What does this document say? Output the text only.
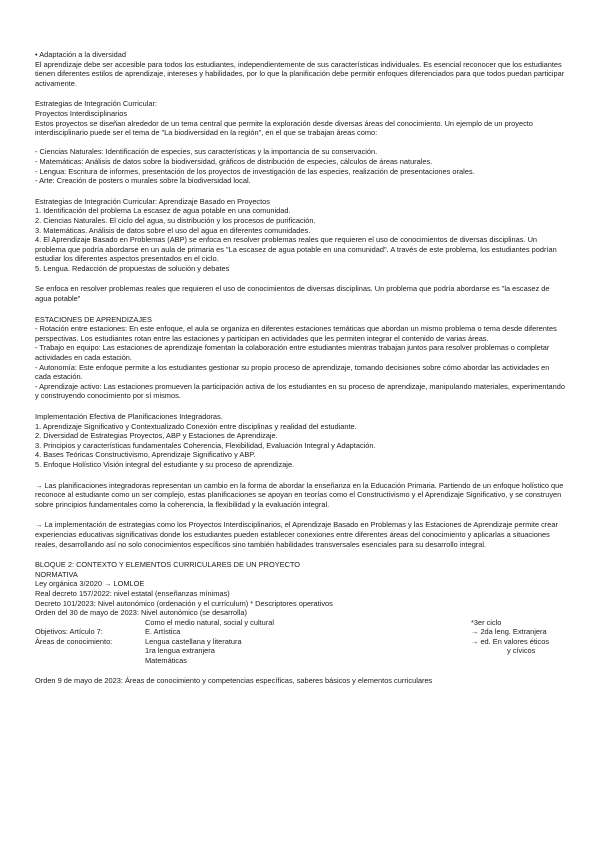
• Adaptación a la diversidad

El aprendizaje debe ser accesible para todos los estudiantes, independientemente de sus características individuales. Es esencial reconocer que los estudiantes tienen diferentes estilos de aprendizaje, intereses y habilidades, por lo que la planificación debe permitir enfoques diferenciados para que todos puedan participar activamente.

Estrategias de Integración Curricular:

Proyectos Interdisciplinarios

Estos proyectos se diseñan alrededor de un tema central que permite la exploración desde diversas áreas del conocimiento. Un ejemplo de un proyecto interdisciplinario puede ser el tema de "La biodiversidad en la región", en el que se trabajan áreas como:

- Ciencias Naturales: Identificación de especies, sus características y la importancia de su conservación.

- Matemáticas: Análisis de datos sobre la biodiversidad, gráficos de distribución de especies, cálculos de áreas naturales.

- Lengua: Escritura de informes, presentación de los proyectos de investigación de las especies, realización de presentaciones orales.

- Arte: Creación de posters o murales sobre la biodiversidad local.

Estrategias de Integración Curricular: Aprendizaje Basado en Proyectos

1. Identificación del problema La escasez de agua potable en una comunidad.

2. Ciencias Naturales. El ciclo del agua, su distribución y los procesos de purificación.

3. Matemáticas. Análisis de datos sobre el uso del agua en diferentes comunidades.

4. El Aprendizaje Basado en Problemas (ABP) se enfoca en resolver problemas reales que requieren el uso de conocimientos de diversas disciplinas. Un problema que podría abordarse en un aula de primaria es "La escasez de agua potable en una comunidad". A través de este problema, los estudiantes podrían estudiar los diferentes aspectos presentados en el ciclo.

5. Lengua. Redacción de propuestas de solución y debates

Se enfoca en resolver problemas reales que requieren el uso de conocimientos de diversas disciplinas. Un problema que podría abordarse es "la escasez de agua potable"

ESTACIONES DE APRENDIZAJES

- Rotación entre estaciones: En este enfoque, el aula se organiza en diferentes estaciones temáticas que abordan un mismo problema o tema desde diferentes perspectivas. Los estudiantes rotan entre las estaciones y participan en actividades que les permiten integrar el contenido de varias áreas.

- Trabajo en equipo: Las estaciones de aprendizaje fomentan la colaboración entre estudiantes mientras trabajan juntos para resolver problemas o completar actividades en cada estación.

- Autonomía: Este enfoque permite a los estudiantes gestionar su propio proceso de aprendizaje, tomando decisiones sobre cómo abordar las actividades en cada estación.

- Aprendizaje activo: Las estaciones promueven la participación activa de los estudiantes en su proceso de aprendizaje, manipulando materiales, experimentando y construyendo conocimiento por sí mismos.

Implementación Efectiva de Planificaciones Integradoras.

1. Aprendizaje Significativo y Contextualizado Conexión entre disciplinas y realidad del estudiante.

2. Diversidad de Estrategias Proyectos, ABP y Estaciones de Aprendizaje.

3. Principios y características fundamentales Coherencia, Flexibilidad, Evaluación Integral y Adaptación.

4. Bases Teóricas Constructivismo, Aprendizaje Significativo y ABP.

5. Enfoque Holístico Visión integral del estudiante y su proceso de aprendizaje.

→ Las planificaciones integradoras representan un cambio en la forma de abordar la enseñanza en la Educación Primaria. Partiendo de un enfoque holístico que reconoce al estudiante como un ser complejo, estas planificaciones se apoyan en teorías como el Constructivismo y el Aprendizaje Significativo, y se construyen sobre principios fundamentales como la coherencia, la flexibilidad y la evaluación integral.

→ La implementación de estrategias como los Proyectos Interdisciplinarios, el Aprendizaje Basado en Problemas y las Estaciones de Aprendizaje permite crear experiencias educativas significativas donde los estudiantes pueden establecer conexiones entre diferentes áreas del conocimiento y aplicarlas a situaciones reales, desarrollando así no solo conocimientos específicos sino también habilidades transversales esenciales para su desarrollo integral.

BLOQUE 2: CONTEXTO Y ELEMENTOS CURRICULARES DE UN PROYECTO

NORMATIVA

Ley orgánica 3/2020 → LOMLOE

Real decreto 157/2022: nivel estatal (enseñanzas mínimas)

Decreto 101/2023: Nivel autonómico (ordenación y el currículum) * Descriptores operativos

Orden del 30 de mayo de 2023: Nivel autonómico (se desarrolla)

Objetivos: Artículo 7:
Áreas de conocimiento:
Como el medio natural, social y cultural
E. Artística
Lengua castellana y literatura
1ra lengua extranjera
Matemáticas
*3er ciclo
→ 2da leng. Extranjera
→ ed. En valores éticos
y cívicos

Orden 9 de mayo de 2023: Áreas de conocimiento y competencias específicas, saberes básicos y elementos curriculares
